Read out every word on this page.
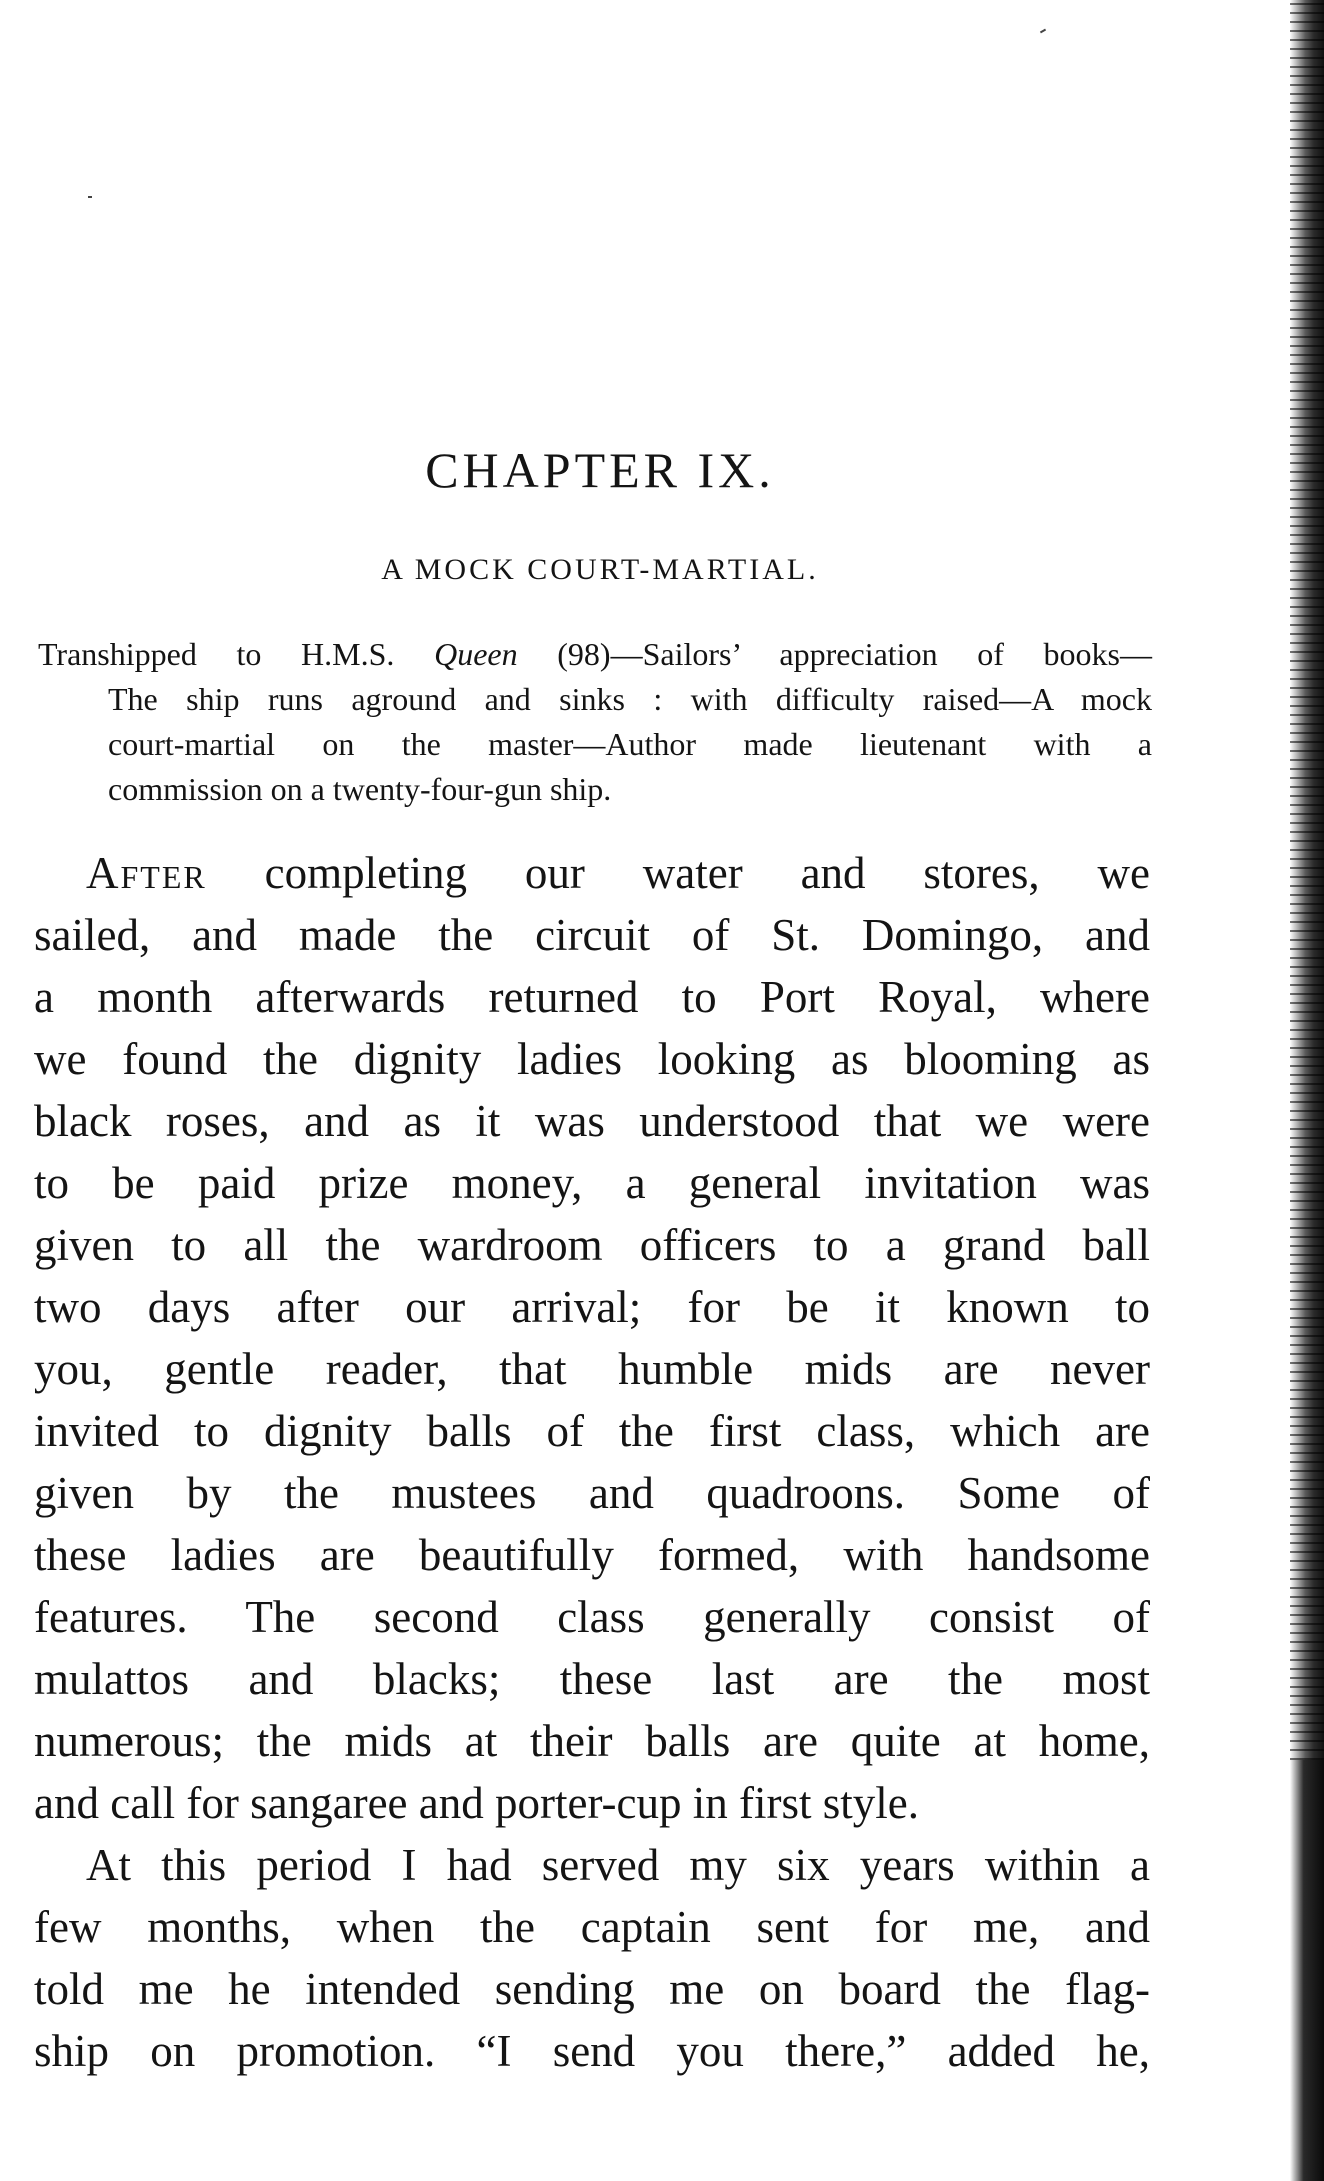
CHAPTER IX.
A MOCK COURT-MARTIAL.
Transhipped to H.M.S. Queen (98)—Sailors’ appreciation of books—
The ship runs aground and sinks : with difficulty raised—A mock
court-martial on the master—Author made lieutenant with a
commission on a twenty-four-gun ship.
After completing our water and stores, we
sailed, and made the circuit of St. Domingo, and
a month afterwards returned to Port Royal, where
we found the dignity ladies looking as blooming as
black roses, and as it was understood that we were
to be paid prize money, a general invitation was
given to all the wardroom officers to a grand ball
two days after our arrival; for be it known to
you, gentle reader, that humble mids are never
invited to dignity balls of the first class, which are
given by the mustees and quadroons. Some of
these ladies are beautifully formed, with handsome
features. The second class generally consist of
mulattos and blacks; these last are the most
numerous; the mids at their balls are quite at home,
and call for sangaree and porter-cup in first style.
At this period I had served my six years within a
few months, when the captain sent for me, and
told me he intended sending me on board the flag-
ship on promotion. “I send you there,” added he,
